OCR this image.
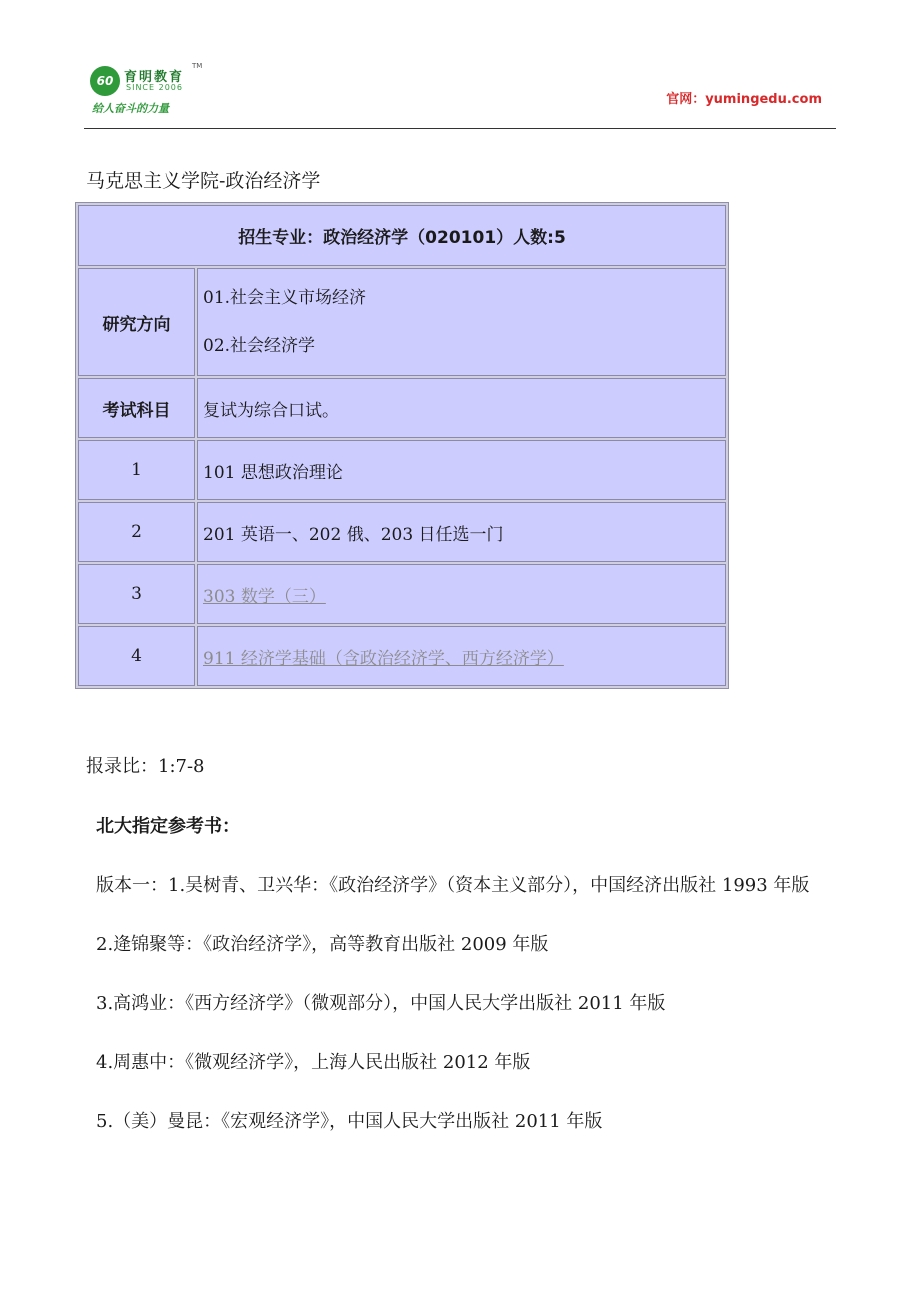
60 育明教育
TM
SINCE 2006
给人奋斗的力量
官网：yumingedu.com
马克思主义学院-政治经济学
招生专业：政治经济学（020101）人数:5	
研究方向	01.社会主义市场经济
02.社会经济学

考试科目	复试为综合口试。
1	101 思想政治理论
2	201 英语一、202 俄、203 日任选一门
3	303 数学（三）
4	911 经济学基础（含政治经济学、西方经济学）
报录比：1:7-8
北大指定参考书：

版本一：1.吴树青、卫兴华：《政治经济学》（资本主义部分），中国经济出版社 1993 年版

2.逄锦聚等：《政治经济学》，高等教育出版社 2009 年版

3.高鸿业：《西方经济学》（微观部分），中国人民大学出版社 2011 年版

4.周惠中：《微观经济学》，上海人民出版社 2012 年版

5.（美）曼昆：《宏观经济学》，中国人民大学出版社 2011 年版
